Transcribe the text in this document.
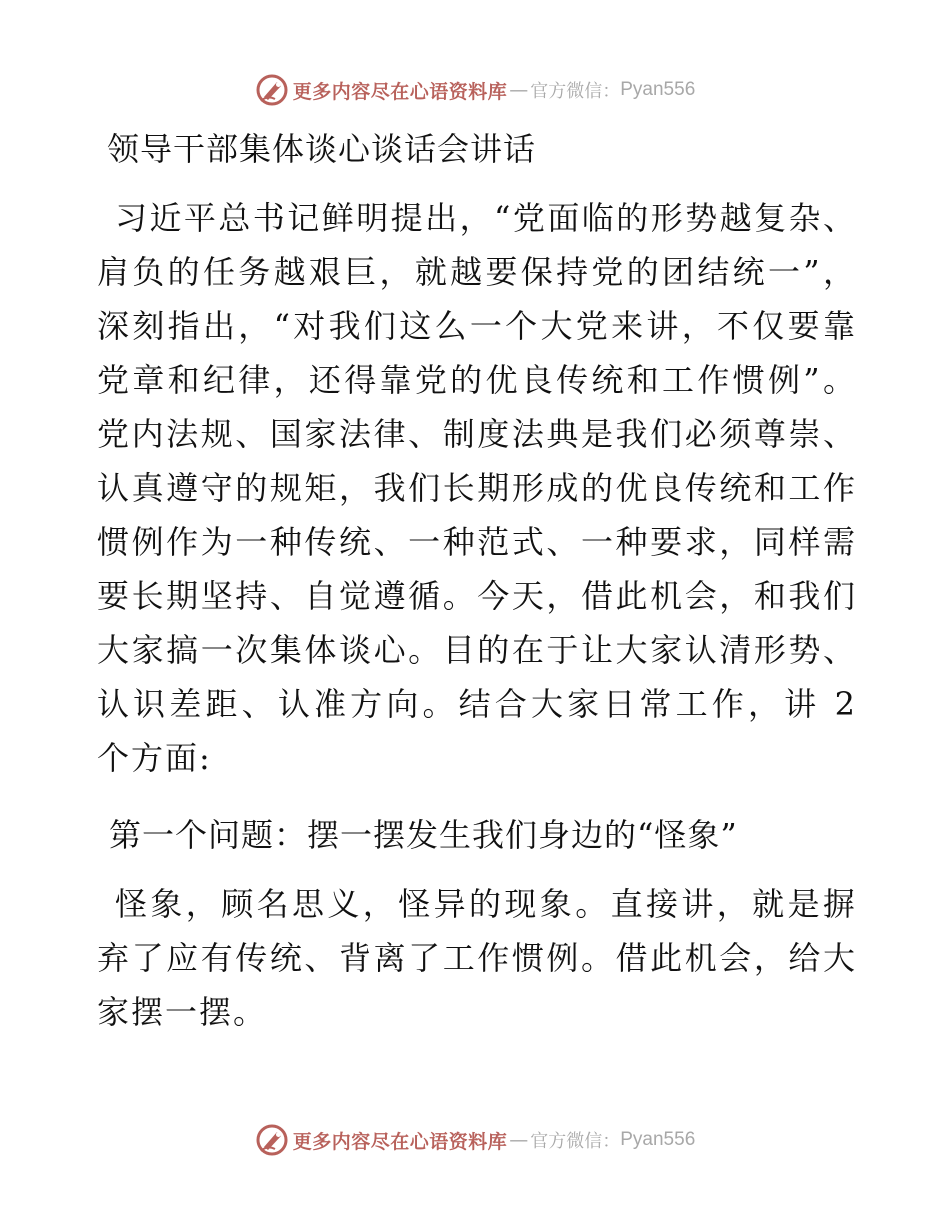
更多内容尽在心语资料库 — 官方微信： Pyan556
领导干部集体谈心谈话会讲话

习近平总书记鲜明提出，“党面临的形势越复杂、肩负的任务越艰巨，就越要保持党的团结统一”，深刻指出，“对我们这么一个大党来讲，不仅要靠党章和纪律，还得靠党的优良传统和工作惯例”。党内法规、国家法律、制度法典是我们必须尊崇、认真遵守的规矩，我们长期形成的优良传统和工作惯例作为一种传统、一种范式、一种要求，同样需要长期坚持、自觉遵循。今天，借此机会，和我们大家搞一次集体谈心。目的在于让大家认清形势、认识差距、认准方向。结合大家日常工作，讲 2 个方面:

第一个问题：摆一摆发生我们身边的“怪象”

怪象，顾名思义，怪异的现象。直接讲，就是摒弃了应有传统、背离了工作惯例。借此机会，给大家摆一摆。

更多内容尽在心语资料库 — 官方微信： Pyan556
